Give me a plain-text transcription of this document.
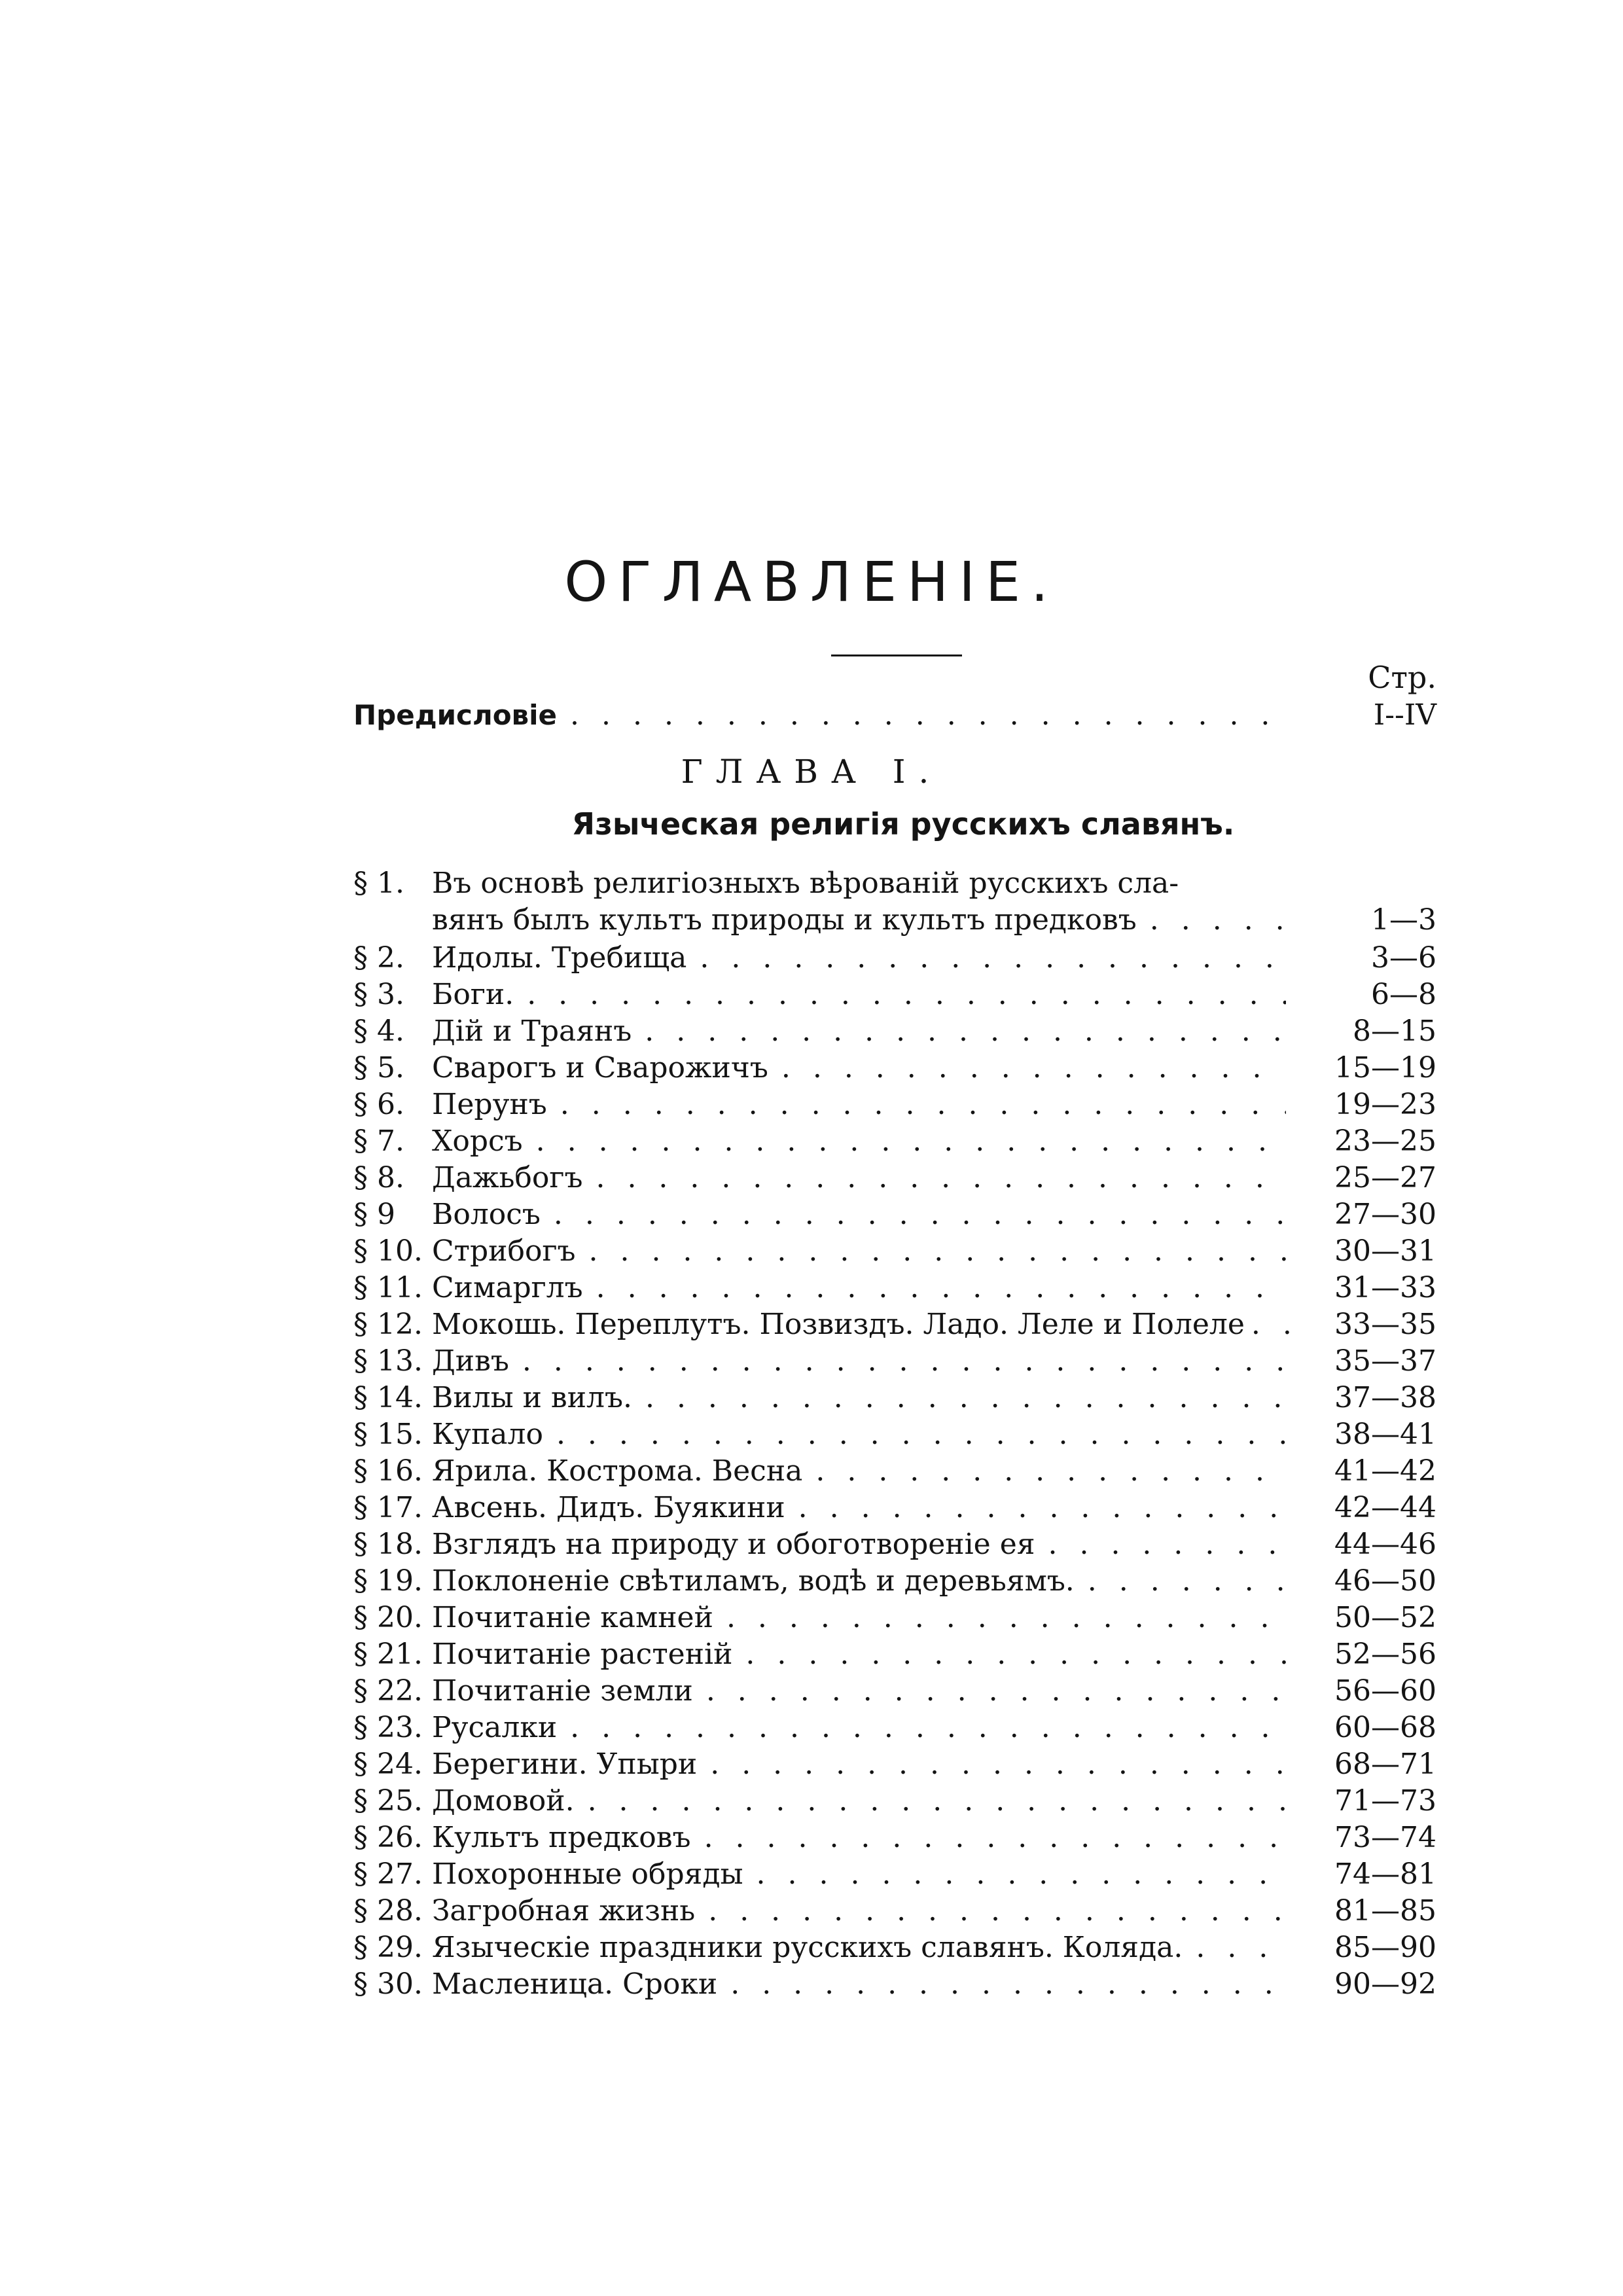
ОГЛАВЛЕНІЕ.
Стр.
Предисловіе . . .	I--IV
ГЛАВА I.
Языческая религія русскихъ славянъ.
§ 1. Въ основѣ религіозныхъ вѣрованій русскихъ сла-
вянъ былъ культъ природы и культъ предковъ . . .	1—3
§ 2. Идолы. Требища . . .	3—6
§ 3. Боги. . . .	6—8
§ 4. Дій и Траянъ . . .	8—15
§ 5. Сварогъ и Сварожичъ . . .	15—19
§ 6. Перунъ . . .	19—23
§ 7. Хорсъ . . .	23—25
§ 8. Дажьбогъ . . .	25—27
§ 9 Волосъ . . .	27—30
§ 10. Стрибогъ . . .	30—31
§ 11. Симарглъ . . .	31—33
§ 12. Мокошь. Переплутъ. Позвиздъ. Ладо. Леле и Полеле . . .	33—35
§ 13. Дивъ . . .	35—37
§ 14. Вилы и вилъ. . . .	37—38
§ 15. Купало . . .	38—41
§ 16. Ярила. Кострома. Весна . . .	41—42
§ 17. Авсень. Дидъ. Буякини . . .	42—44
§ 18. Взглядъ на природу и обоготвореніе ея . . .	44—46
§ 19. Поклоненіе свѣтиламъ, водѣ и деревьямъ. . . .	46—50
§ 20. Почитаніе камней . . .	50—52
§ 21. Почитаніе растеній . . .	52—56
§ 22. Почитаніе земли . . .	56—60
§ 23. Русалки . . .	60—68
§ 24. Берегини. Упыри . . .	68—71
§ 25. Домовой. . . .	71—73
§ 26. Культъ предковъ . . .	73—74
§ 27. Похоронные обряды . . .	74—81
§ 28. Загробная жизнь . . .	81—85
§ 29. Языческіе праздники русскихъ славянъ. Коляда. . . .	85—90
§ 30. Масленица. Сроки . . .	90—92
